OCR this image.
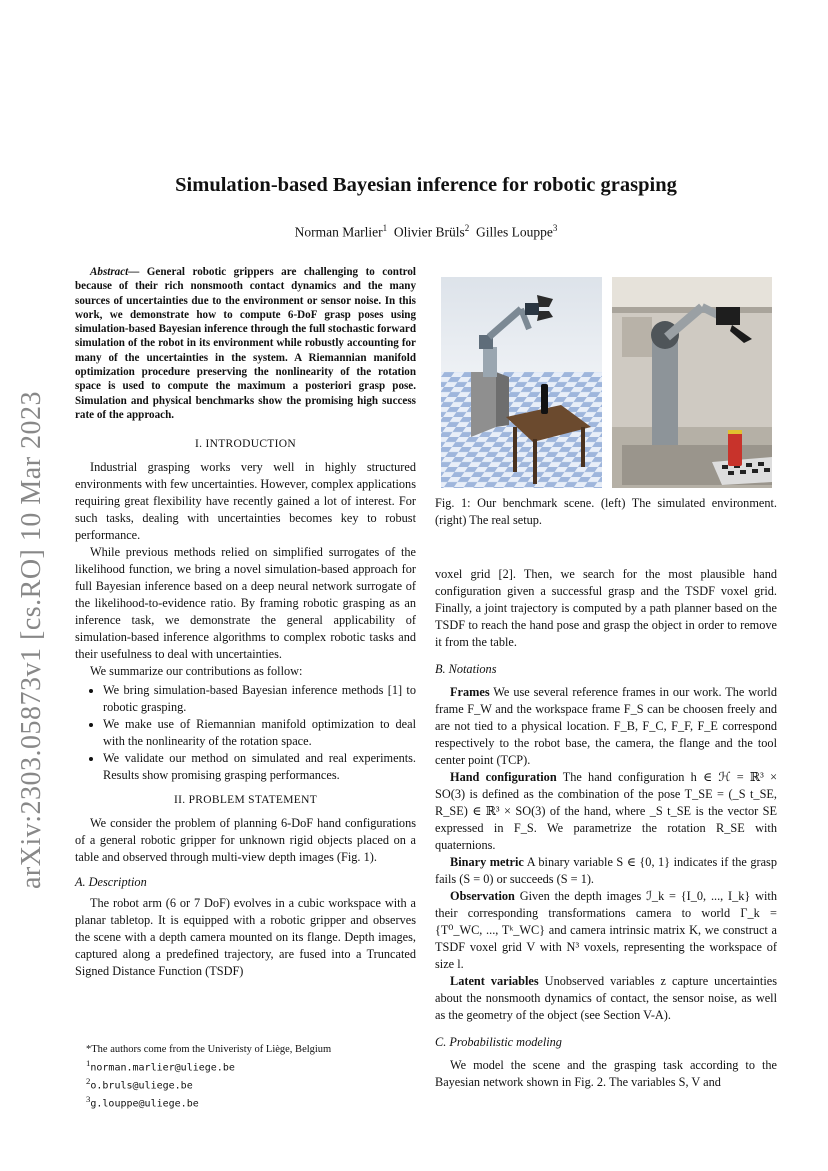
arXiv:2303.05873v1 [cs.RO] 10 Mar 2023
Simulation-based Bayesian inference for robotic grasping
Norman Marlier$^1$ Olivier Brüls$^2$ Gilles Louppe$^3$

Abstract— General robotic grippers are challenging to control because of their rich nonsmooth contact dynamics and the many sources of uncertainties due to the environment or sensor noise. In this work, we demonstrate how to compute 6-DoF grasp poses using simulation-based Bayesian inference through the full stochastic forward simulation of the robot in its environment while robustly accounting for many of the uncertainties in the system. A Riemannian manifold optimization procedure preserving the nonlinearity of the rotation space is used to compute the maximum a posteriori grasp pose. Simulation and physical benchmarks show the promising high success rate of the approach.

I. INTRODUCTION

Industrial grasping works very well in highly structured environments with few uncertainties. However, complex applications requiring great flexibility have recently gained a lot of interest. For such tasks, dealing with uncertainties becomes key to robust performance.

While previous methods relied on simplified surrogates of the likelihood function, we bring a novel simulation-based approach for full Bayesian inference based on a deep neural network surrogate of the likelihood-to-evidence ratio. By framing robotic grasping as an inference task, we demonstrate the general applicability of simulation-based inference algorithms to complex robotic tasks and their usefulness to deal with uncertainties.

We summarize our contributions as follow:

• We bring simulation-based Bayesian inference methods [1] to robotic grasping.
• We make use of Riemannian manifold optimization to deal with the nonlinearity of the rotation space.
• We validate our method on simulated and real experiments. Results show promising grasping performances.
II. PROBLEM STATEMENT

We consider the problem of planning 6-DoF hand configurations of a general robotic gripper for unknown rigid objects placed on a table and observed through multi-view depth images (Fig. 1).

A. Description

The robot arm (6 or 7 DoF) evolves in a cubic workspace with a planar tabletop. It is equipped with a robotic gripper and observes the scene with a depth camera mounted on its flange. Depth images, captured along a predefined trajectory, are fused into a Truncated Signed Distance Function (TSDF)

*The authors come from the Univeristy of Liège, Belgium
$^1$norman.marlier@uliege.be
$^2$o.bruls@uliege.be
$^3$g.louppe@uliege.be
Fig. 1: Our benchmark scene. (left) The simulated environment. (right) The real setup.

voxel grid [2]. Then, we search for the most plausible hand configuration given a successful grasp and the TSDF voxel grid. Finally, a joint trajectory is computed by a path planner based on the TSDF to reach the hand pose and grasp the object in order to remove it from the table.

B. Notations

Frames We use several reference frames in our work. The world frame F_W and the workspace frame F_S can be choosen freely and are not tied to a physical location. F_B, F_C, F_F, F_E correspond respectively to the robot base, the camera, the flange and the tool center point (TCP).

Hand configuration The hand configuration h ∈ ℋ = ℝ³ × SO(3) is defined as the combination of the pose T_SE = (_S t_SE, R_SE) ∈ ℝ³ × SO(3) of the hand, where _S t_SE is the vector SE expressed in F_S. We parametrize the rotation R_SE with quaternions.

Binary metric A binary variable S ∈ {0, 1} indicates if the grasp fails (S = 0) or succeeds (S = 1).

Observation Given the depth images ℐ_k = {I_0, ..., I_k} with their corresponding transformations camera to world Γ_k = {T⁰_WC, ..., Tᵏ_WC} and camera intrinsic matrix K, we construct a TSDF voxel grid V with N³ voxels, representing the workspace of size l.

Latent variables Unobserved variables z capture uncertainties about the nonsmooth dynamics of contact, the sensor noise, as well as the geometry of the object (see Section V-A).

C. Probabilistic modeling

We model the scene and the grasping task according to the Bayesian network shown in Fig. 2. The variables S, V and
